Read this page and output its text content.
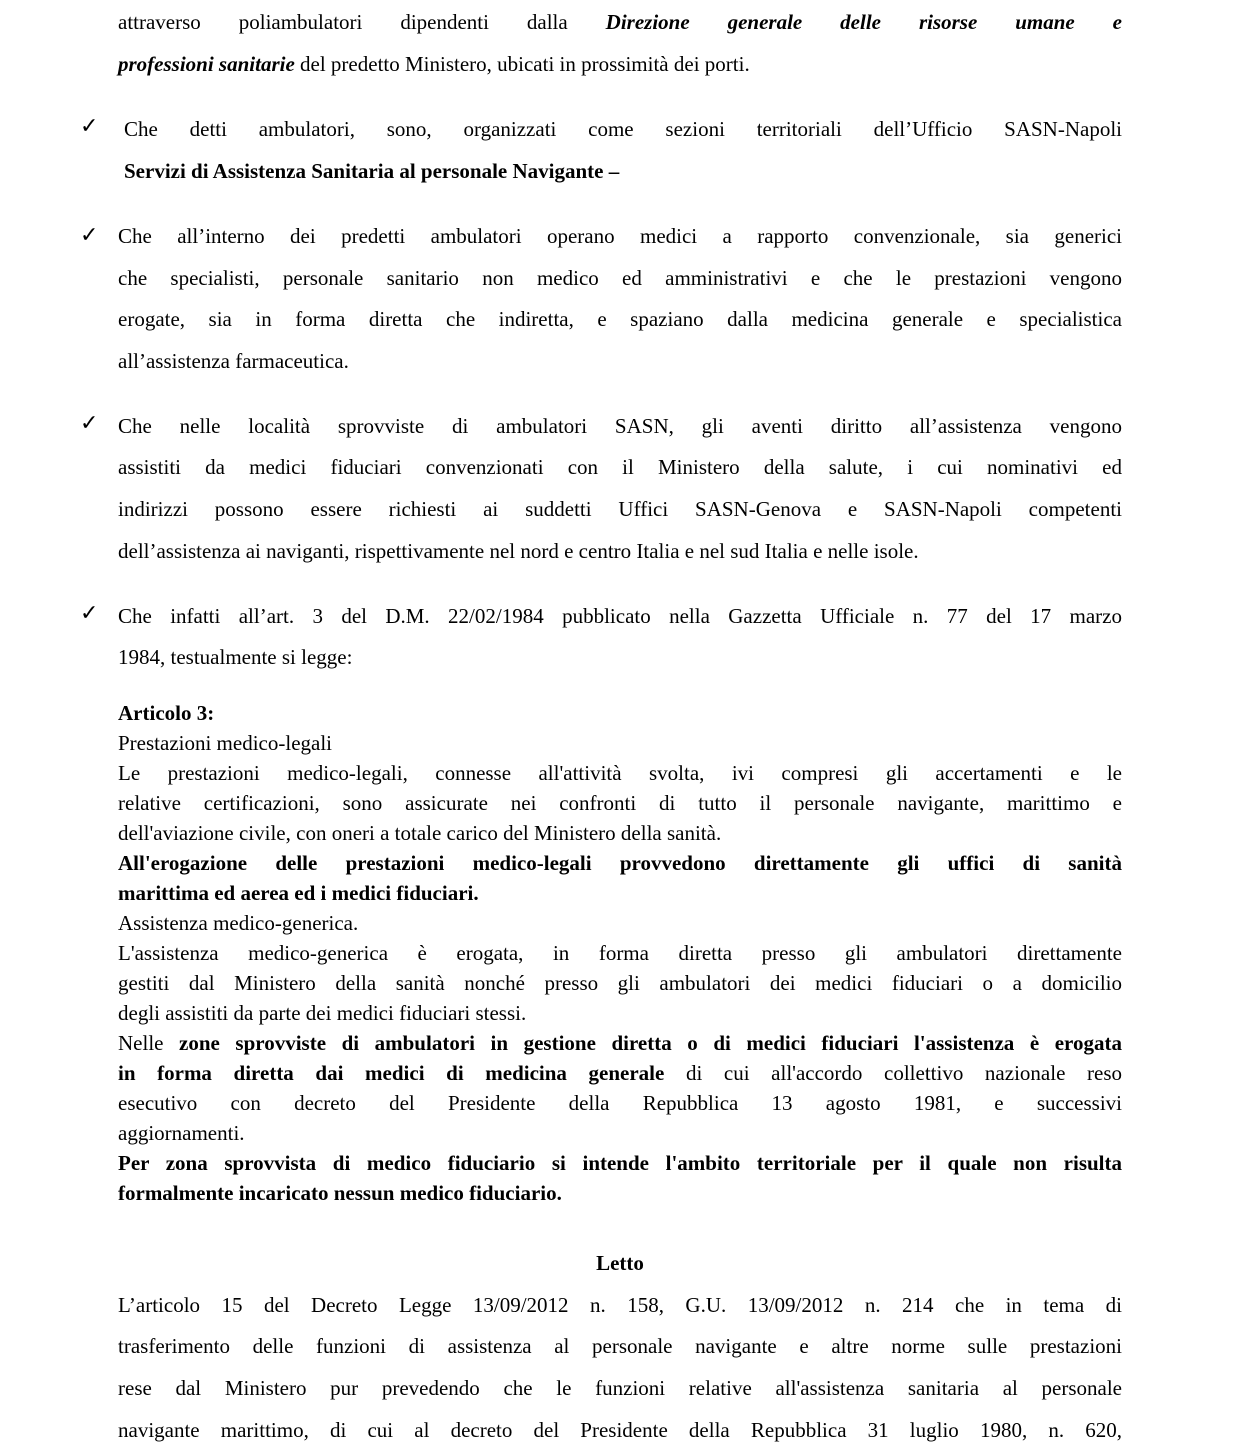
attraverso poliambulatori dipendenti dalla Direzione generale delle risorse umane e
professioni sanitarie del predetto Ministero, ubicati in prossimità dei porti.
✓ Che detti ambulatori, sono, organizzati come sezioni territoriali dell’Ufficio SASN-Napoli
Servizi di Assistenza Sanitaria al personale Navigante –
✓ Che all’interno dei predetti ambulatori operano medici a rapporto convenzionale, sia generici
che specialisti, personale sanitario non medico ed amministrativi e che le prestazioni vengono
erogate, sia in forma diretta che indiretta, e spaziano dalla medicina generale e specialistica
all’assistenza farmaceutica.
✓ Che nelle località sprovviste di ambulatori SASN, gli aventi diritto all’assistenza vengono
assistiti da medici fiduciari convenzionati con il Ministero della salute, i cui nominativi ed
indirizzi possono essere richiesti ai suddetti Uffici SASN-Genova e SASN-Napoli competenti
dell’assistenza ai naviganti, rispettivamente nel nord e centro Italia e nel sud Italia e nelle isole.
✓ Che infatti all’art. 3 del D.M. 22/02/1984 pubblicato nella Gazzetta Ufficiale n. 77 del 17 marzo
1984, testualmente si legge:
Articolo 3:
Prestazioni medico-legali
Le prestazioni medico-legali, connesse all'attività svolta, ivi compresi gli accertamenti e le
relative certificazioni, sono assicurate nei confronti di tutto il personale navigante, marittimo e
dell'aviazione civile, con oneri a totale carico del Ministero della sanità.
All'erogazione delle prestazioni medico-legali provvedono direttamente gli uffici di sanità
marittima ed aerea ed i medici fiduciari.
Assistenza medico-generica.
L'assistenza medico-generica è erogata, in forma diretta presso gli ambulatori direttamente
gestiti dal Ministero della sanità nonché presso gli ambulatori dei medici fiduciari o a domicilio
degli assistiti da parte dei medici fiduciari stessi.
Nelle zone sprovviste di ambulatori in gestione diretta o di medici fiduciari l'assistenza è erogata
in forma diretta dai medici di medicina generale di cui all'accordo collettivo nazionale reso
esecutivo con decreto del Presidente della Repubblica 13 agosto 1981, e successivi
aggiornamenti.
Per zona sprovvista di medico fiduciario si intende l'ambito territoriale per il quale non risulta
formalmente incaricato nessun medico fiduciario.
Letto
L’articolo 15 del Decreto Legge 13/09/2012 n. 158, G.U. 13/09/2012 n. 214 che in tema di
trasferimento delle funzioni di assistenza al personale navigante e altre norme sulle prestazioni
rese dal Ministero pur prevedendo che le funzioni relative all'assistenza sanitaria al personale
navigante marittimo, di cui al decreto del Presidente della Repubblica 31 luglio 1980, n. 620,
